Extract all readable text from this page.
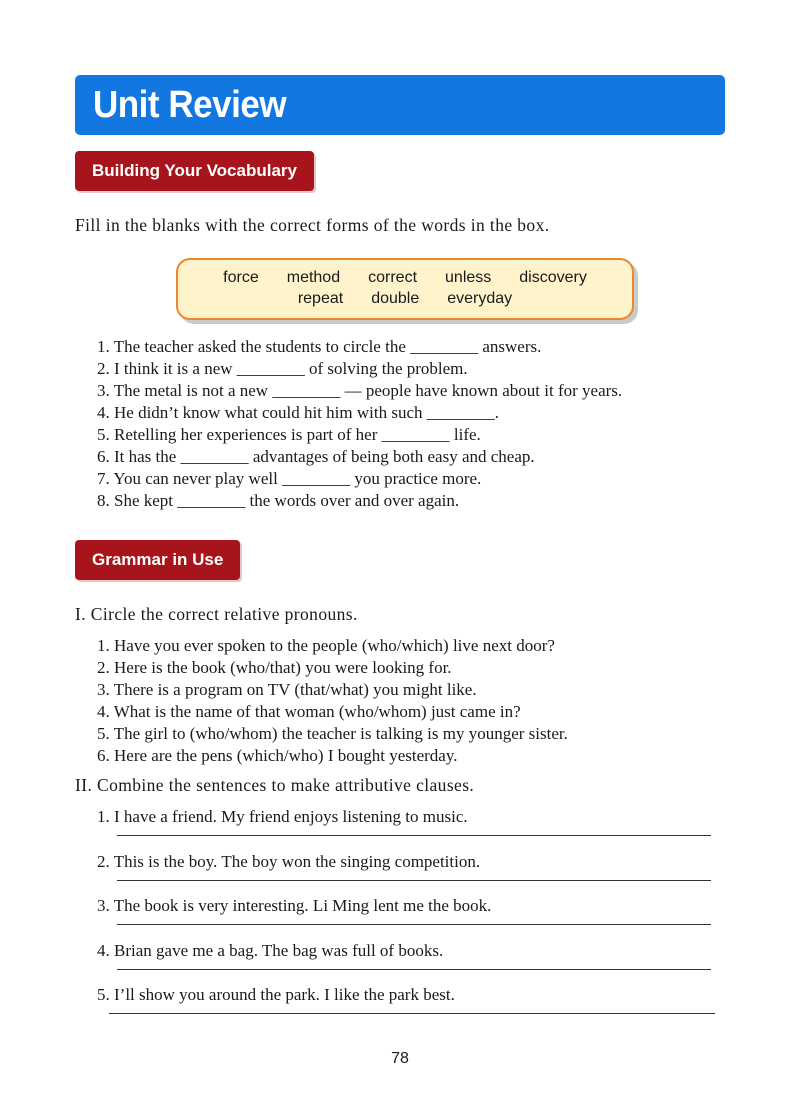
Unit Review
Building Your Vocabulary
Fill in the blanks with the correct forms of the words in the box.
force method correct unless discovery
repeat double everyday
1. The teacher asked the students to circle the ________ answers.
2. I think it is a new ________ of solving the problem.
3. The metal is not a new ________ — people have known about it for years.
4. He didn’t know what could hit him with such ________.
5. Retelling her experiences is part of her ________ life.
6. It has the ________ advantages of being both easy and cheap.
7. You can never play well ________ you practice more.
8. She kept ________ the words over and over again.
Grammar in Use
I. Circle the correct relative pronouns.
1. Have you ever spoken to the people (who/which) live next door?
2. Here is the book (who/that) you were looking for.
3. There is a program on TV (that/what) you might like.
4. What is the name of that woman (who/whom) just came in?
5. The girl to (who/whom) the teacher is talking is my younger sister.
6. Here are the pens (which/who) I bought yesterday.
II. Combine the sentences to make attributive clauses.
1. I have a friend. My friend enjoys listening to music.
2. This is the boy. The boy won the singing competition.
3. The book is very interesting. Li Ming lent me the book.
4. Brian gave me a bag. The bag was full of books.
5. I’ll show you around the park. I like the park best.
78
